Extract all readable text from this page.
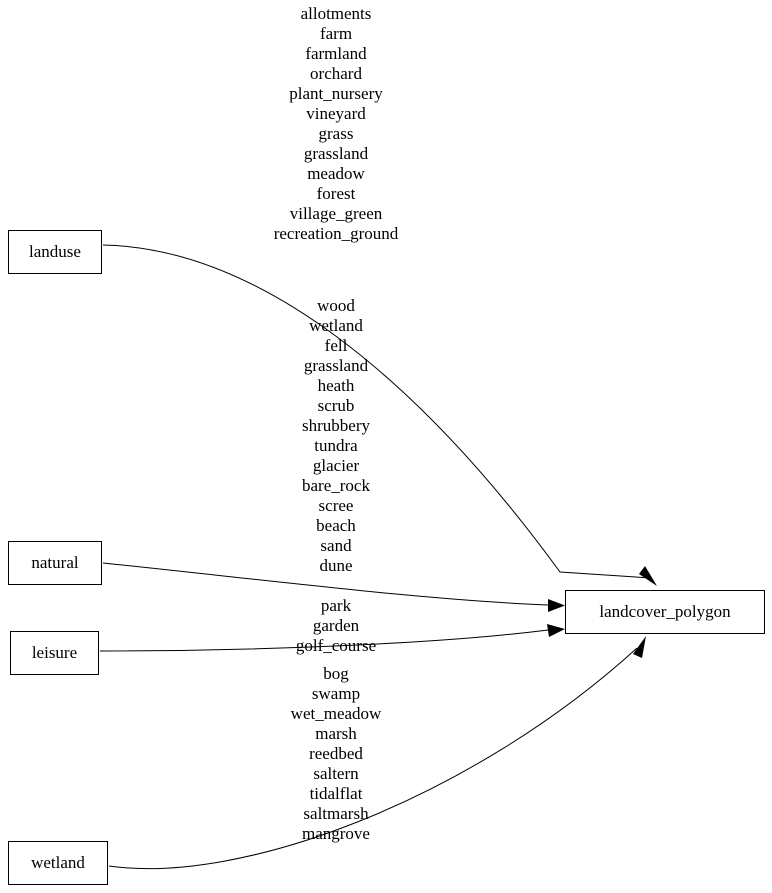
landuse
natural
leisure
wetland
landcover_polygon
allotments
farm
farmland
orchard
plant_nursery
vineyard
grass
grassland
meadow
forest
village_green
recreation_ground
wood
wetland
fell
grassland
heath
scrub
shrubbery
tundra
glacier
bare_rock
scree
beach
sand
dune
park
garden
golf_course
bog
swamp
wet_meadow
marsh
reedbed
saltern
tidalflat
saltmarsh
mangrove
